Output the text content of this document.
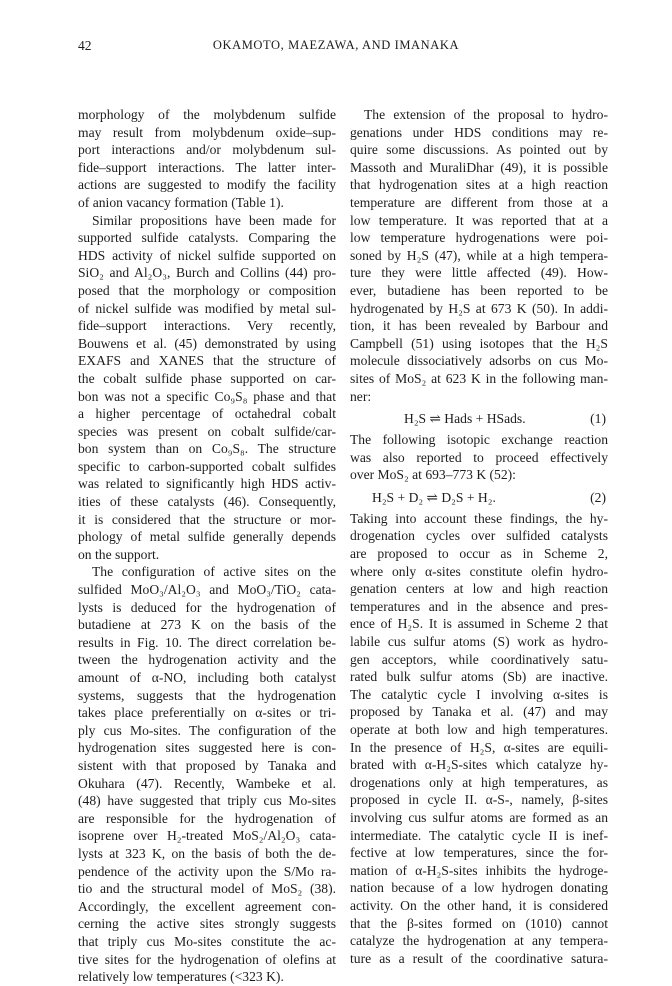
42	OKAMOTO, MAEZAWA, AND IMANAKA
morphology of the molybdenum sulfide
may result from molybdenum oxide–sup-
port interactions and/or molybdenum sul-
fide–support interactions. The latter inter-
actions are suggested to modify the facility
of anion vacancy formation (Table 1).
Similar propositions have been made for
supported sulfide catalysts. Comparing the
HDS activity of nickel sulfide supported on
SiO₂ and Al₂O₃, Burch and Collins (44) pro-
posed that the morphology or composition
of nickel sulfide was modified by metal sul-
fide–support interactions. Very recently,
Bouwens et al. (45) demonstrated by using
EXAFS and XANES that the structure of
the cobalt sulfide phase supported on car-
bon was not a specific Co₉S₈ phase and that
a higher percentage of octahedral cobalt
species was present on cobalt sulfide/car-
bon system than on Co₉S₈. The structure
specific to carbon-supported cobalt sulfides
was related to significantly high HDS activ-
ities of these catalysts (46). Consequently,
it is considered that the structure or mor-
phology of metal sulfide generally depends
on the support.
The configuration of active sites on the
sulfided MoO₃/Al₂O₃ and MoO₃/TiO₂ cata-
lysts is deduced for the hydrogenation of
butadiene at 273 K on the basis of the
results in Fig. 10. The direct correlation be-
tween the hydrogenation activity and the
amount of α-NO, including both catalyst
systems, suggests that the hydrogenation
takes place preferentially on α-sites or tri-
ply cus Mo-sites. The configuration of the
hydrogenation sites suggested here is con-
sistent with that proposed by Tanaka and
Okuhara (47). Recently, Wambeke et al.
(48) have suggested that triply cus Mo-sites
are responsible for the hydrogenation of
isoprene over H₂-treated MoS₂/Al₂O₃ cata-
lysts at 323 K, on the basis of both the de-
pendence of the activity upon the S/Mo ra-
tio and the structural model of MoS₂ (38).
Accordingly, the excellent agreement con-
cerning the active sites strongly suggests
that triply cus Mo-sites constitute the ac-
tive sites for the hydrogenation of olefins at
relatively low temperatures (<323 K).
The extension of the proposal to hydro-
genations under HDS conditions may re-
quire some discussions. As pointed out by
Massoth and MuraliDhar (49), it is possible
that hydrogenation sites at a high reaction
temperature are different from those at a
low temperature. It was reported that at a
low temperature hydrogenations were poi-
soned by H₂S (47), while at a high tempera-
ture they were little affected (49). How-
ever, butadiene has been reported to be
hydrogenated by H₂S at 673 K (50). In addi-
tion, it has been revealed by Barbour and
Campbell (51) using isotopes that the H₂S
molecule dissociatively adsorbs on cus Mo-
sites of MoS₂ at 623 K in the following man-
ner:
H₂S ⇌ Hads + HSads.	(1)
The following isotopic exchange reaction
was also reported to proceed effectively
over MoS₂ at 693–773 K (52):
H₂S + D₂ ⇌ D₂S + H₂.	(2)
Taking into account these findings, the hy-
drogenation cycles over sulfided catalysts
are proposed to occur as in Scheme 2,
where only α-sites constitute olefin hydro-
genation centers at low and high reaction
temperatures and in the absence and pres-
ence of H₂S. It is assumed in Scheme 2 that
labile cus sulfur atoms (S) work as hydro-
gen acceptors, while coordinatively satu-
rated bulk sulfur atoms (Sb) are inactive.
The catalytic cycle I involving α-sites is
proposed by Tanaka et al. (47) and may
operate at both low and high temperatures.
In the presence of H₂S, α-sites are equili-
brated with α-H₂S-sites which catalyze hy-
drogenations only at high temperatures, as
proposed in cycle II. α-S-, namely, β-sites
involving cus sulfur atoms are formed as an
intermediate. The catalytic cycle II is inef-
fective at low temperatures, since the for-
mation of α-H₂S-sites inhibits the hydroge-
nation because of a low hydrogen donating
activity. On the other hand, it is considered
that the β-sites formed on (1010) cannot
catalyze the hydrogenation at any tempera-
ture as a result of the coordinative satura-
